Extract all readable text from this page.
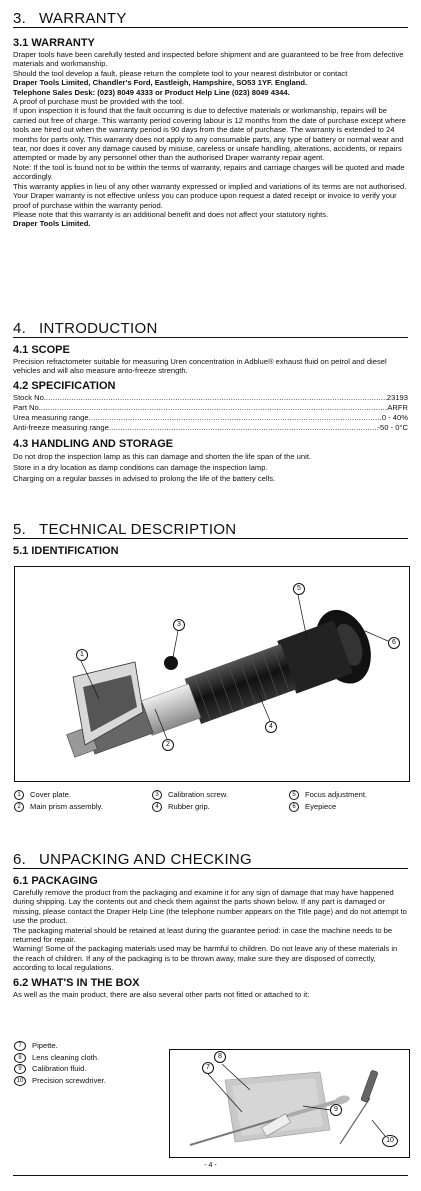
3. WARRANTY
3.1 WARRANTY

Draper tools have been carefully tested and inspected before shipment and are guaranteed to be free from defective materials and workmanship.

Should the tool develop a fault, please return the complete tool to your nearest distributor or contact

Draper Tools Limited, Chandler's Ford, Eastleigh, Hampshire, SO53 1YF. England.

Telephone Sales Desk: (023) 8049 4333 or Product Help Line (023) 8049 4344.

A proof of purchase must be provided with the tool.

If upon inspection it is found that the fault occurring is due to defective materials or workmanship, repairs will be carried out free of charge. This warranty period covering labour is 12 months from the date of purchase except where tools are hired out when the warranty period is 90 days from the date of purchase. The warranty is extended to 24 months for parts only. This warranty does not apply to any consumable parts, any type of battery or normal wear and tear, nor does it cover any damage caused by misuse, careless or unsafe handling, alterations, accidents, or repairs attempted or made by any personnel other than the authorised Draper warranty repair agent.

Note: If the tool is found not to be within the terms of warranty, repairs and carriage charges will be quoted and made accordingly.

This warranty applies in lieu of any other warranty expressed or implied and variations of its terms are not authorised.

Your Draper warranty is not effective unless you can produce upon request a dated receipt or invoice to verify your proof of purchase within the warranty period.

Please note that this warranty is an additional benefit and does not affect your statutory rights.

Draper Tools Limited.

4. INTRODUCTION
4.1 SCOPE

Precision refractometer suitable for measuring Uren concentration in Adblue® exhaust fluid on petrol and diesel vehicles and will also measure anto-freeze strength.

4.2 SPECIFICATION
Stock No. .....	23193
Part No. .....	ARFR
Urea measuring range .....	0 - 40%
Anti-freeze measuring range .....	-50 - 0°C
4.3 HANDLING AND STORAGE

Do not drop the inspection lamp as this can damage and shorten the life span of the unit.

Store in a dry location as damp conditions can damage the inspection lamp.

Charging on a regular basses in advised to prolong the life of the battery cells.

5. TECHNICAL DESCRIPTION
5.1 IDENTIFICATION
1
2
3
4
5
6
1 Cover plate.
2 Main prism assembly.
3 Calibration screw.
4 Rubber grip.
5 Focus adjustment.
6 Eyepiece
6. UNPACKING AND CHECKING
6.1 PACKAGING

Carefully remove the product from the packaging and examine it for any sign of damage that may have happened during shipping. Lay the contents out and check them against the parts shown below. If any part is damaged or missing, please contact the Draper Help Line (the telephone number appears on the Title page) and do not attempt to use the product.

The packaging material should be retained at least during the guarantee period: in case the machine needs to be returned for repair.

Warning! Some of the packaging materials used may be harmful to children. Do not leave any of these materials in the reach of children. If any of the packaging is to be thrown away, make sure they are disposed of correctly, according to local regulations.

6.2 WHAT'S IN THE BOX

As well as the main product, there are also several other parts not fitted or attached to it:

7 Pipette.
8 Lens cleaning cloth.
9 Calibration fluid.
10 Precision screwdriver.
7
8
9
10
- 4 -
